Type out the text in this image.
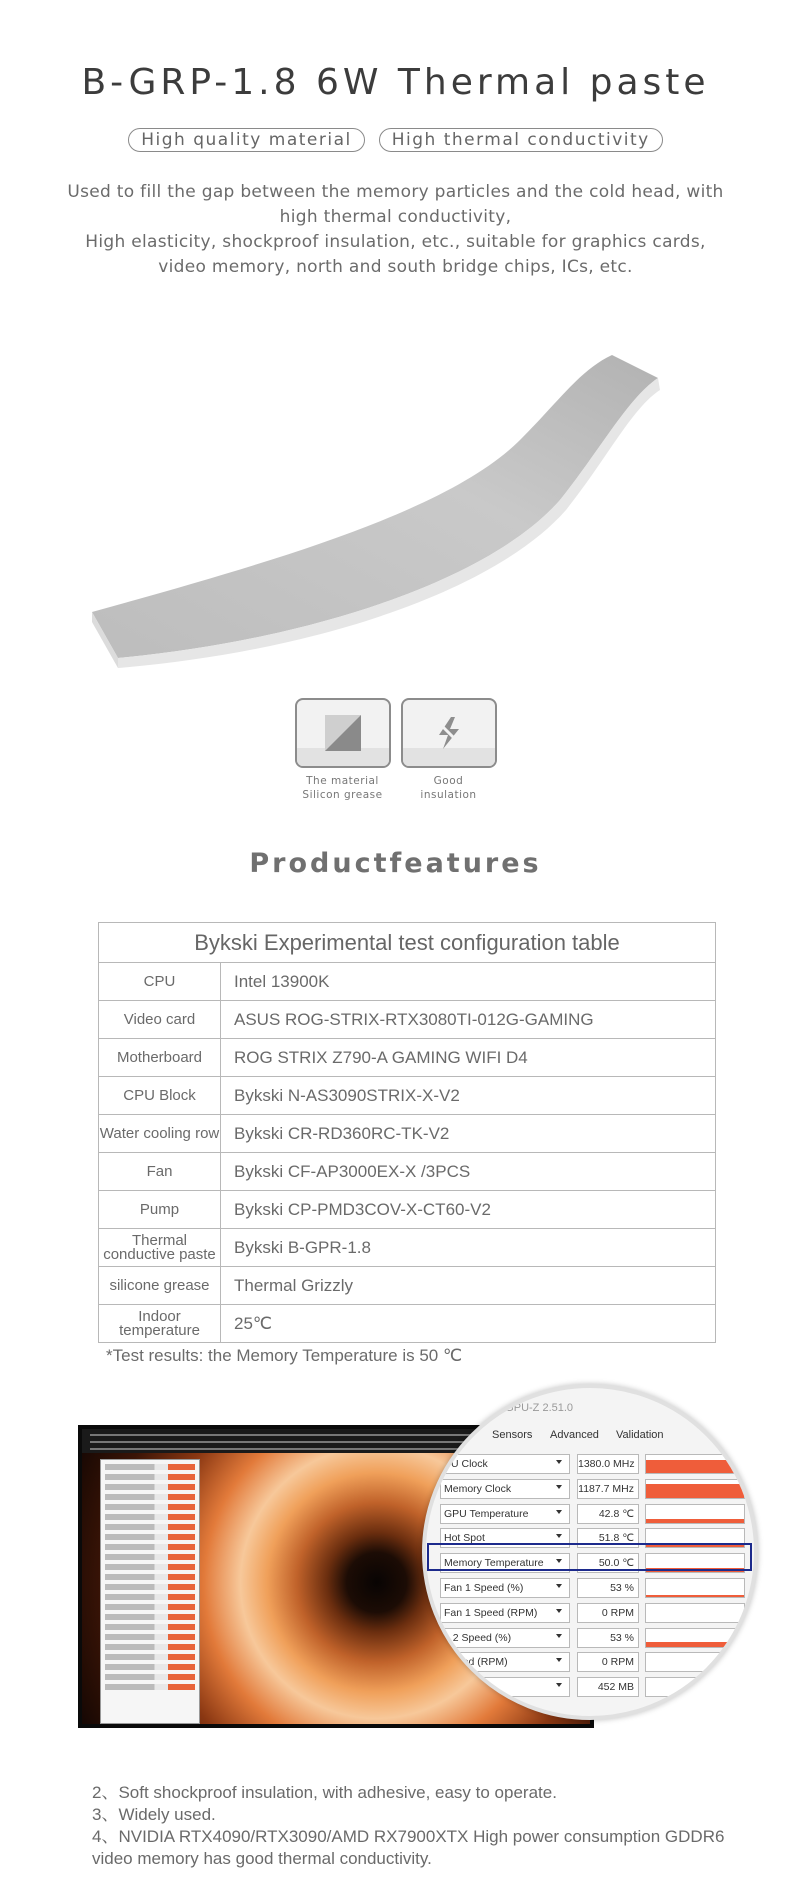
B-GRP-1.8 6W Thermal paste
High quality material	High thermal conductivity

Used to fill the gap between the memory particles and the cold head, with high thermal conductivity,

High elasticity, shockproof insulation, etc., suitable for graphics cards, video memory, north and south bridge chips, ICs, etc.

The material
Silicon grease
Good
insulation
Productfeatures
Bykski Experimental test configuration table	
CPU	Intel 13900K
Video card	ASUS ROG-STRIX-RTX3080TI-012G-GAMING
Motherboard	ROG STRIX Z790-A GAMING WIFI D4
CPU Block	Bykski N-AS3090STRIX-X-V2
Water cooling row	Bykski CR-RD360RC-TK-V2
Fan	Bykski CF-AP3000EX-X /3PCS
Pump	Bykski CP-PMD3COV-X-CT60-V2
Thermal conductive paste	Bykski B-GPR-1.8
silicone grease	Thermal Grizzly
Indoor temperature	25℃
*Test results: the Memory Temperature is 50 ℃
p GPU-Z 2.51.0
Card Sensors Advanced Validation
PU Clock	1380.0 MHz
Memory Clock	1187.7 MHz
GPU Temperature	42.8 ℃
Hot Spot	51.8 ℃
Memory Temperature	50.0 ℃
Fan 1 Speed (%)	53 %
Fan 1 Speed (RPM)	0 RPM
n 2 Speed (%)	53 %
Speed (RPM)	0 RPM
452 MB

2、Soft shockproof insulation, with adhesive, easy to operate.

3、Widely used.

4、NVIDIA RTX4090/RTX3090/AMD RX7900XTX High power consumption GDDR6 video memory has good thermal conductivity.
